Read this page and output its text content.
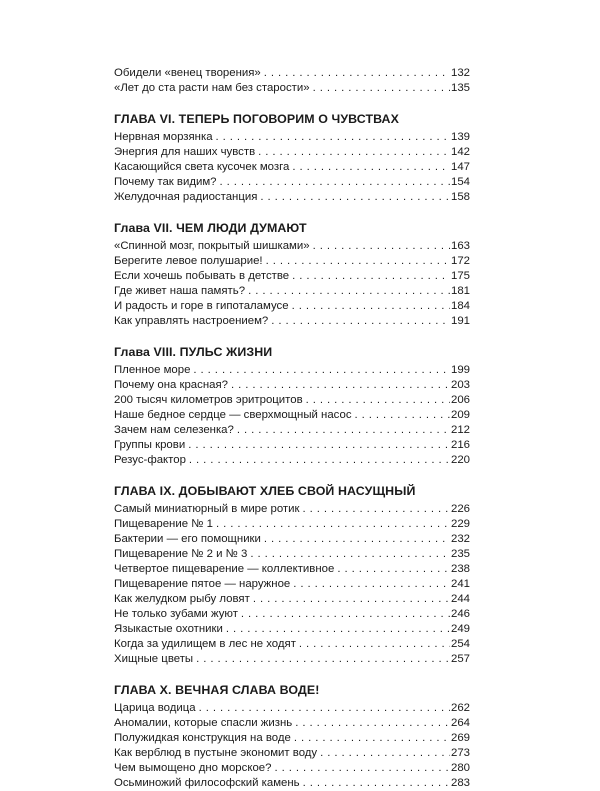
Обидели «венец творения» . . .	132
«Лет до ста расти нам без старости» . . .	135
ГЛАВА VI. ТЕПЕРЬ ПОГОВОРИМ О ЧУВСТВАХ
Нервная морзянка . . .	139
Энергия для наших чувств . . .	142
Касающийся света кусочек мозга . . .	147
Почему так видим? . . .	154
Желудочная радиостанция . . .	158
Глава VII. ЧЕМ ЛЮДИ ДУМАЮТ
«Спинной мозг, покрытый шишками» . . .	163
Берегите левое полушарие! . . .	172
Если хочешь побывать в детстве . . .	175
Где живет наша память? . . .	181
И радость и горе в гипоталамусе . . .	184
Как управлять настроением? . . .	191
Глава VIII. ПУЛЬС ЖИЗНИ
Пленное море . . .	199
Почему она красная? . . .	203
200 тысяч километров эритроцитов . . .	206
Наше бедное сердце — сверхмощный насос . . .	209
Зачем нам селезенка? . . .	212
Группы крови . . .	216
Резус-фактор . . .	220
ГЛАВА IX. ДОБЫВАЮТ ХЛЕБ СВОЙ НАСУЩНЫЙ
Самый миниатюрный в мире ротик . . .	226
Пищеварение № 1 . . .	229
Бактерии — его помощники . . .	232
Пищеварение № 2 и № 3 . . .	235
Четвертое пищеварение — коллективное . . .	238
Пищеварение пятое — наружное . . .	241
Как желудком рыбу ловят . . .	244
Не только зубами жуют . . .	246
Языкастые охотники . . .	249
Когда за удилищем в лес не ходят . . .	254
Хищные цветы . . .	257
ГЛАВА X. ВЕЧНАЯ СЛАВА ВОДЕ!
Царица водица . . .	262
Аномалии, которые спасли жизнь . . .	264
Полужидкая конструкция на воде . . .	269
Как верблюд в пустыне экономит воду . . .	273
Чем вымощено дно морское? . . .	280
Осьминожий философский камень . . .	283
